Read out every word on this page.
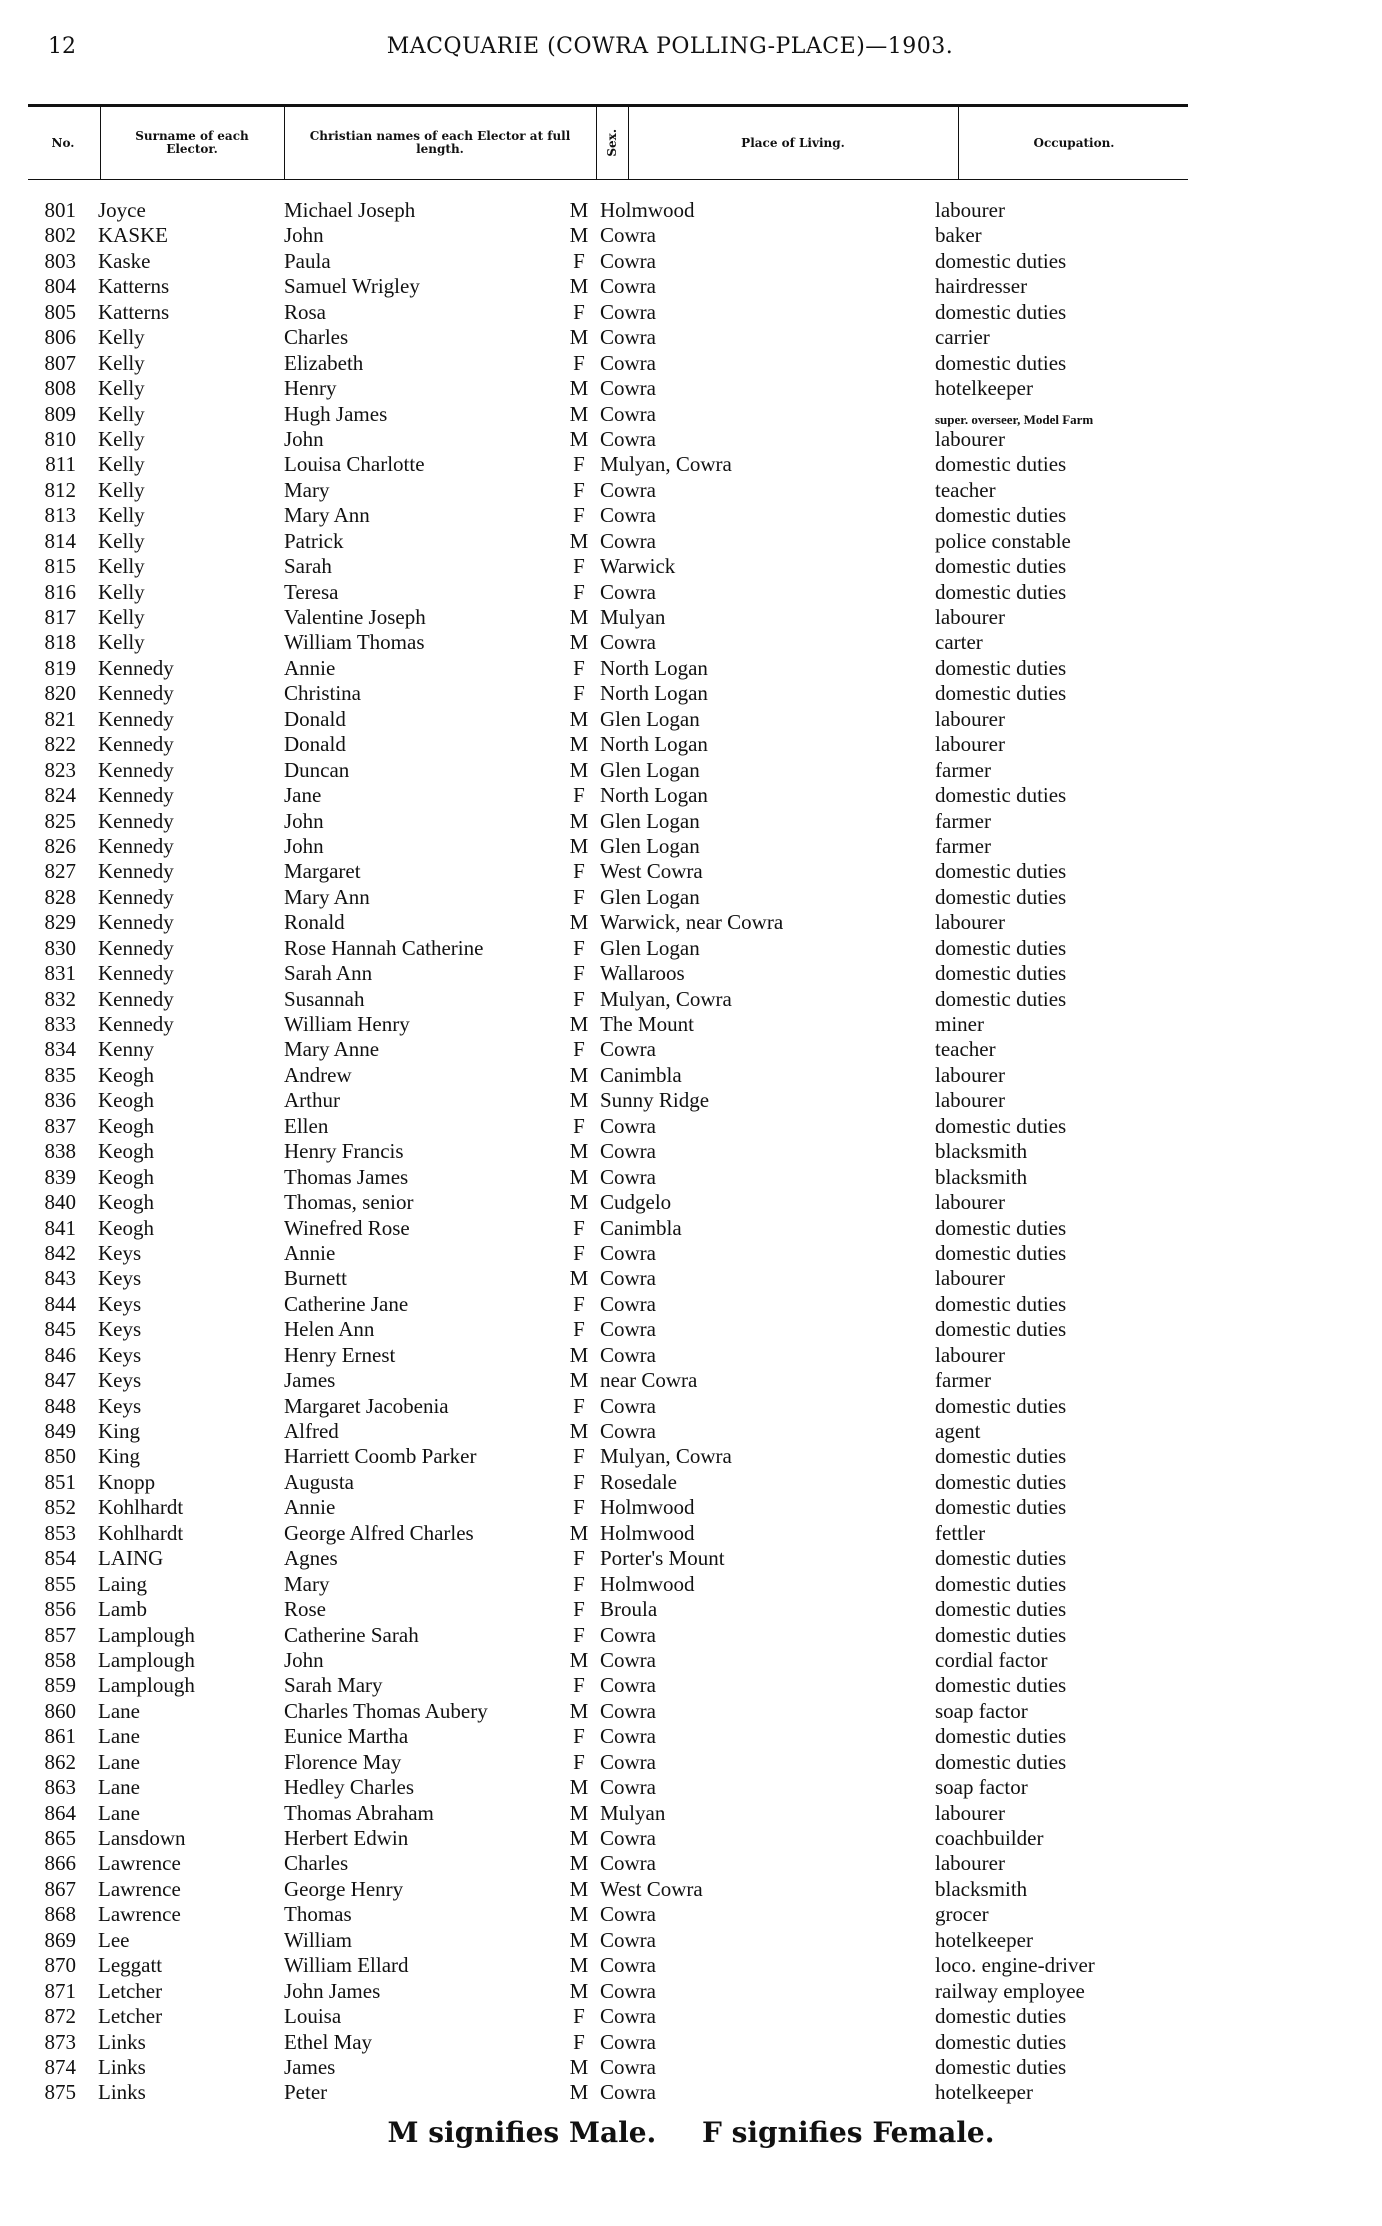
12	MACQUARIE (COWRA POLLING-PLACE)—1903.
No.	Surname of each Elector.
Christian names of each Elector at full length.	Sex.	Place of Living.	Occupation.
801 Joyce	Michael Joseph	M Holmwood	labourer
802 KASKE	John	M Cowra	baker
803 Kaske	Paula	F Cowra	domestic duties
804 Katterns	Samuel Wrigley	M Cowra	hairdresser
805 Katterns	Rosa	F Cowra	domestic duties
806 Kelly	Charles	M Cowra	carrier
807 Kelly	Elizabeth	F Cowra	domestic duties
808 Kelly	Henry	M Cowra	hotelkeeper
809 Kelly	Hugh James	M Cowra	super. overseer, Model Farm
810 Kelly	John	M Cowra	labourer
811 Kelly	Louisa Charlotte	F Mulyan, Cowra	domestic duties
812 Kelly	Mary	F Cowra	teacher
813 Kelly	Mary Ann	F Cowra	domestic duties
814 Kelly	Patrick	M Cowra	police constable
815 Kelly	Sarah	F Warwick	domestic duties
816 Kelly	Teresa	F Cowra	domestic duties
817 Kelly	Valentine Joseph	M Mulyan	labourer
818 Kelly	William Thomas	M Cowra	carter
819 Kennedy	Annie	F North Logan	domestic duties
820 Kennedy	Christina	F North Logan	domestic duties
821 Kennedy	Donald	M Glen Logan	labourer
822 Kennedy	Donald	M North Logan	labourer
823 Kennedy	Duncan	M Glen Logan	farmer
824 Kennedy	Jane	F North Logan	domestic duties
825 Kennedy	John	M Glen Logan	farmer
826 Kennedy	John	M Glen Logan	farmer
827 Kennedy	Margaret	F West Cowra	domestic duties
828 Kennedy	Mary Ann	F Glen Logan	domestic duties
829 Kennedy	Ronald	M Warwick, near Cowra	labourer
830 Kennedy	Rose Hannah Catherine	F Glen Logan	domestic duties
831 Kennedy	Sarah Ann	F Wallaroos	domestic duties
832 Kennedy	Susannah	F Mulyan, Cowra	domestic duties
833 Kennedy	William Henry	M The Mount	miner
834 Kenny	Mary Anne	F Cowra	teacher
835 Keogh	Andrew	M Canimbla	labourer
836 Keogh	Arthur	M Sunny Ridge	labourer
837 Keogh	Ellen	F Cowra	domestic duties
838 Keogh	Henry Francis	M Cowra	blacksmith
839 Keogh	Thomas James	M Cowra	blacksmith
840 Keogh	Thomas, senior	M Cudgelo	labourer
841 Keogh	Winefred Rose	F Canimbla	domestic duties
842 Keys	Annie	F Cowra	domestic duties
843 Keys	Burnett	M Cowra	labourer
844 Keys	Catherine Jane	F Cowra	domestic duties
845 Keys	Helen Ann	F Cowra	domestic duties
846 Keys	Henry Ernest	M Cowra	labourer
847 Keys	James	M near Cowra	farmer
848 Keys	Margaret Jacobenia	F Cowra	domestic duties
849 King	Alfred	M Cowra	agent
850 King	Harriett Coomb Parker	F Mulyan, Cowra	domestic duties
851 Knopp	Augusta	F Rosedale	domestic duties
852 Kohlhardt	Annie	F Holmwood	domestic duties
853 Kohlhardt	George Alfred Charles	M Holmwood	fettler
854 LAING	Agnes	F Porter's Mount	domestic duties
855 Laing	Mary	F Holmwood	domestic duties
856 Lamb	Rose	F Broula	domestic duties
857 Lamplough	Catherine Sarah	F Cowra	domestic duties
858 Lamplough	John	M Cowra	cordial factor
859 Lamplough	Sarah Mary	F Cowra	domestic duties
860 Lane	Charles Thomas Aubery	M Cowra	soap factor
861 Lane	Eunice Martha	F Cowra	domestic duties
862 Lane	Florence May	F Cowra	domestic duties
863 Lane	Hedley Charles	M Cowra	soap factor
864 Lane	Thomas Abraham	M Mulyan	labourer
865 Lansdown	Herbert Edwin	M Cowra	coachbuilder
866 Lawrence	Charles	M Cowra	labourer
867 Lawrence	George Henry	M West Cowra	blacksmith
868 Lawrence	Thomas	M Cowra	grocer
869 Lee	William	M Cowra	hotelkeeper
870 Leggatt	William Ellard	M Cowra	loco. engine-driver
871 Letcher	John James	M Cowra	railway employee
872 Letcher	Louisa	F Cowra	domestic duties
873 Links	Ethel May	F Cowra	domestic duties
874 Links	James	M Cowra	domestic duties
875 Links	Peter	M Cowra	hotelkeeper
M signifies Male. F signifies Female.
